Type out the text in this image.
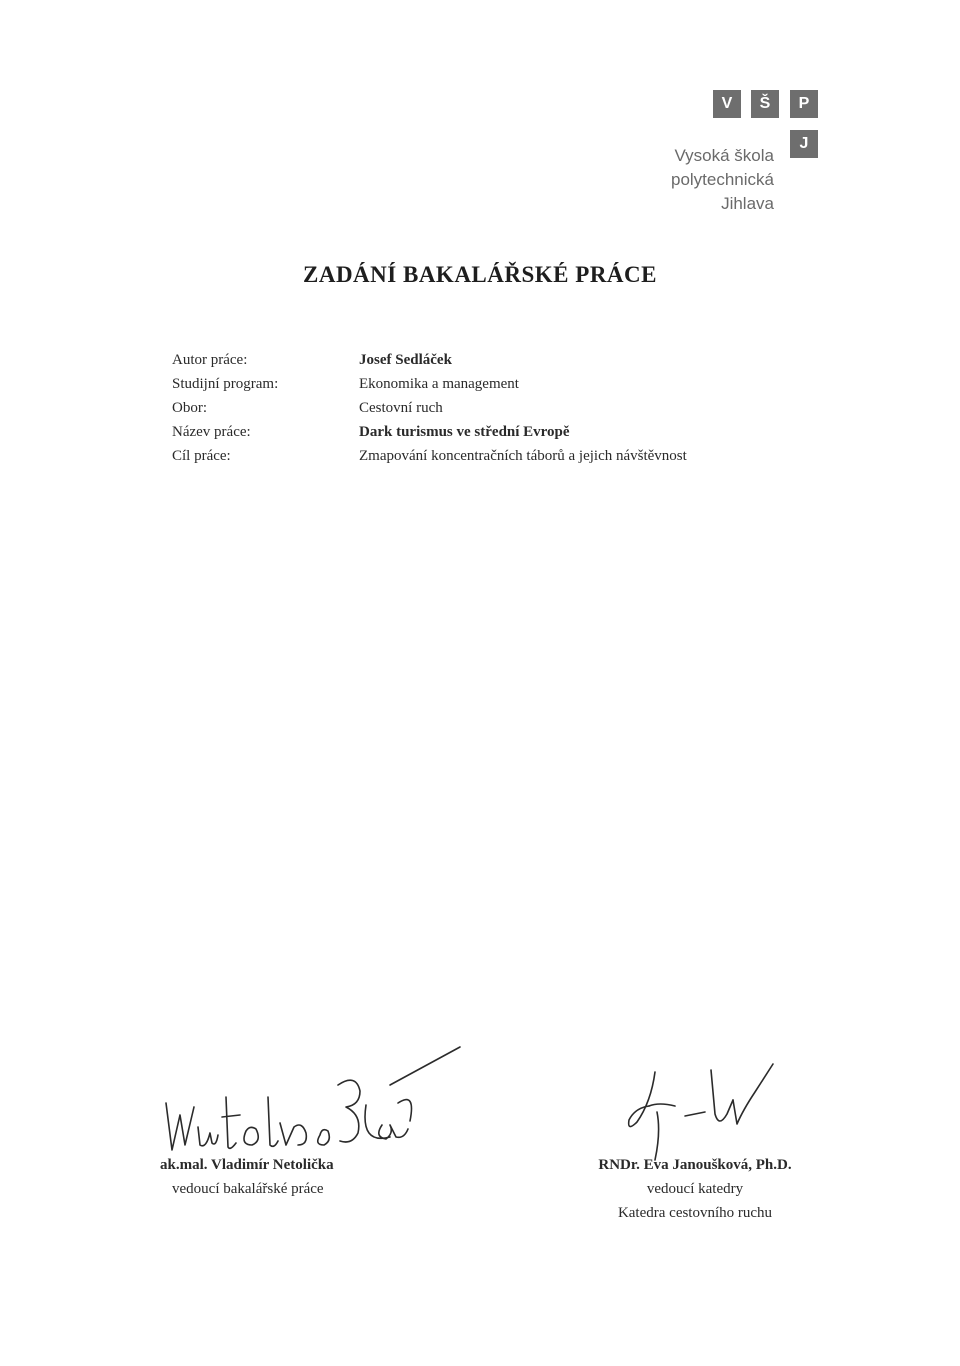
V	Š	P
J
Vysoká škola
polytechnická
Jihlava
ZADÁNÍ BAKALÁŘSKÉ PRÁCE
Autor práce:	Josef Sedláček
Studijní program:	Ekonomika a management
Obor:	Cestovní ruch
Název práce:	Dark turismus ve střední Evropě
Cíl práce:	Zmapování koncentračních táborů a jejich návštěvnost
ak.mal. Vladimír Netolička
vedoucí bakalářské práce
RNDr. Eva Janoušková, Ph.D.
vedoucí katedry
Katedra cestovního ruchu
